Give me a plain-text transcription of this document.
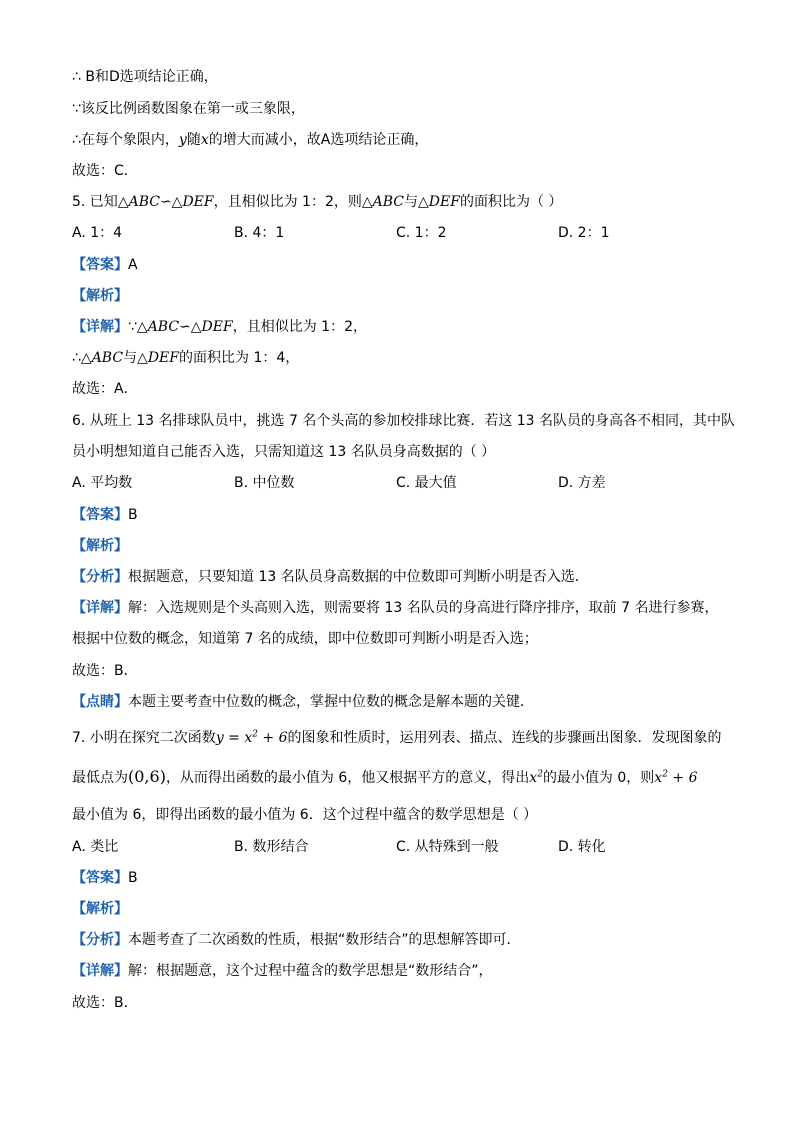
∴ B和D选项结论正确，
∵该反比例函数图象在第一或三象限，
∴在每个象限内，y随x的增大而减小，故A选项结论正确，
故选：C．
5. 已知△ABC∽△DEF，且相似比为 1：2，则△ABC与△DEF的面积比为（ ）
A. 1：4	B. 4：1	C. 1：2	D. 2：1
【答案】A
【解析】
【详解】∵△ABC∽△DEF，且相似比为 1：2，
∴△ABC与△DEF的面积比为 1：4，
故选：A．
6. 从班上 13 名排球队员中，挑选 7 名个头高的参加校排球比赛．若这 13 名队员的身高各不相同，其中队
员小明想知道自己能否入选，只需知道这 13 名队员身高数据的（ ）
A. 平均数	B. 中位数	C. 最大值	D. 方差
【答案】B
【解析】
【分析】根据题意，只要知道 13 名队员身高数据的中位数即可判断小明是否入选．
【详解】解：入选规则是个头高则入选，则需要将 13 名队员的身高进行降序排序，取前 7 名进行参赛，
根据中位数的概念，知道第 7 名的成绩，即中位数即可判断小明是否入选；
故选：B．
【点睛】本题主要考查中位数的概念，掌握中位数的概念是解本题的关键．
7. 小明在探究二次函数$y = x^2 + 6$的图象和性质时，运用列表、描点、连线的步骤画出图象．发现图象的
最低点为(0,6)，从而得出函数的最小值为 6，他又根据平方的意义，得出$x^2$的最小值为 0，则$x^2 + 6$
最小值为 6，即得出函数的最小值为 6．这个过程中蕴含的数学思想是（ ）
A. 类比	B. 数形结合	C. 从特殊到一般	D. 转化
【答案】B
【解析】
【分析】本题考查了二次函数的性质，根据“数形结合”的思想解答即可．
【详解】解：根据题意，这个过程中蕴含的数学思想是“数形结合”，
故选：B．
